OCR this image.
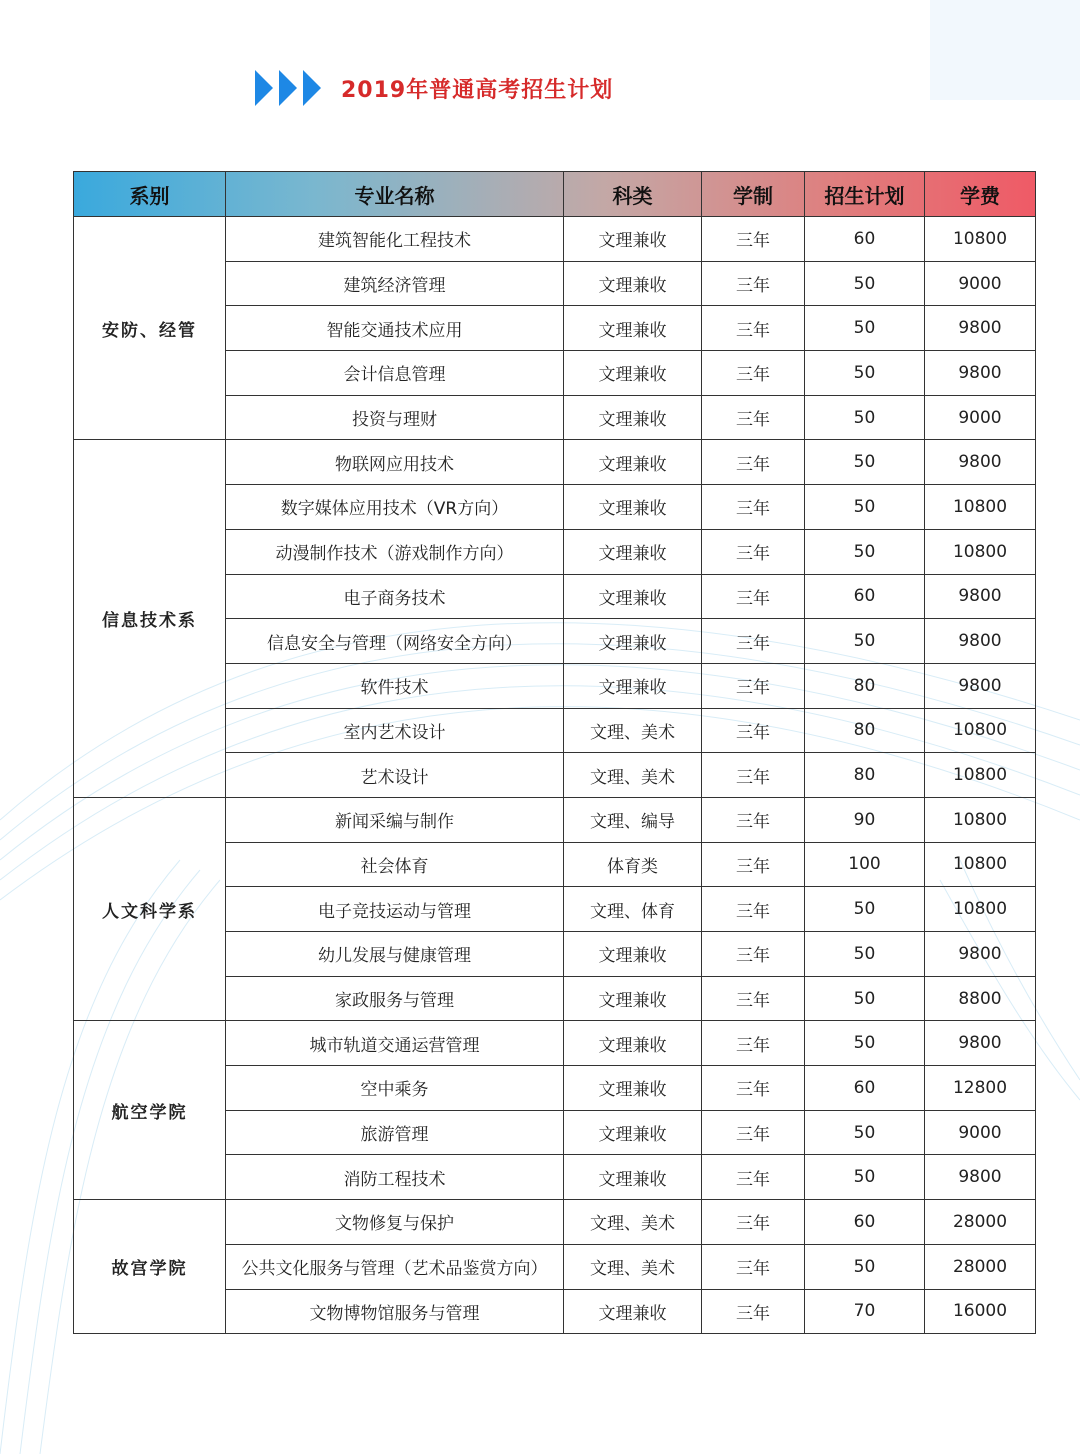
2019年普通高考招生计划
系别	专业名称	科类	学制	招生计划	学费
安防、经管	建筑智能化工程技术	文理兼收	三年	60	10800
	建筑经济管理	文理兼收	三年	50	9000
	智能交通技术应用	文理兼收	三年	50	9800
	会计信息管理	文理兼收	三年	50	9800
	投资与理财	文理兼收	三年	50	9000
信息技术系	物联网应用技术	文理兼收	三年	50	9800
	数字媒体应用技术（VR方向）	文理兼收	三年	50	10800
	动漫制作技术（游戏制作方向）	文理兼收	三年	50	10800
	电子商务技术	文理兼收	三年	60	9800
	信息安全与管理（网络安全方向）	文理兼收	三年	50	9800
	软件技术	文理兼收	三年	80	9800
	室内艺术设计	文理、美术	三年	80	10800
	艺术设计	文理、美术	三年	80	10800
人文科学系	新闻采编与制作	文理、编导	三年	90	10800
	社会体育	体育类	三年	100	10800
	电子竞技运动与管理	文理、体育	三年	50	10800
	幼儿发展与健康管理	文理兼收	三年	50	9800
	家政服务与管理	文理兼收	三年	50	8800
航空学院	城市轨道交通运营管理	文理兼收	三年	50	9800
	空中乘务	文理兼收	三年	60	12800
	旅游管理	文理兼收	三年	50	9000
	消防工程技术	文理兼收	三年	50	9800
故宫学院	文物修复与保护	文理、美术	三年	60	28000
	公共文化服务与管理（艺术品鉴赏方向）	文理、美术	三年	50	28000
	文物博物馆服务与管理	文理兼收	三年	70	16000
